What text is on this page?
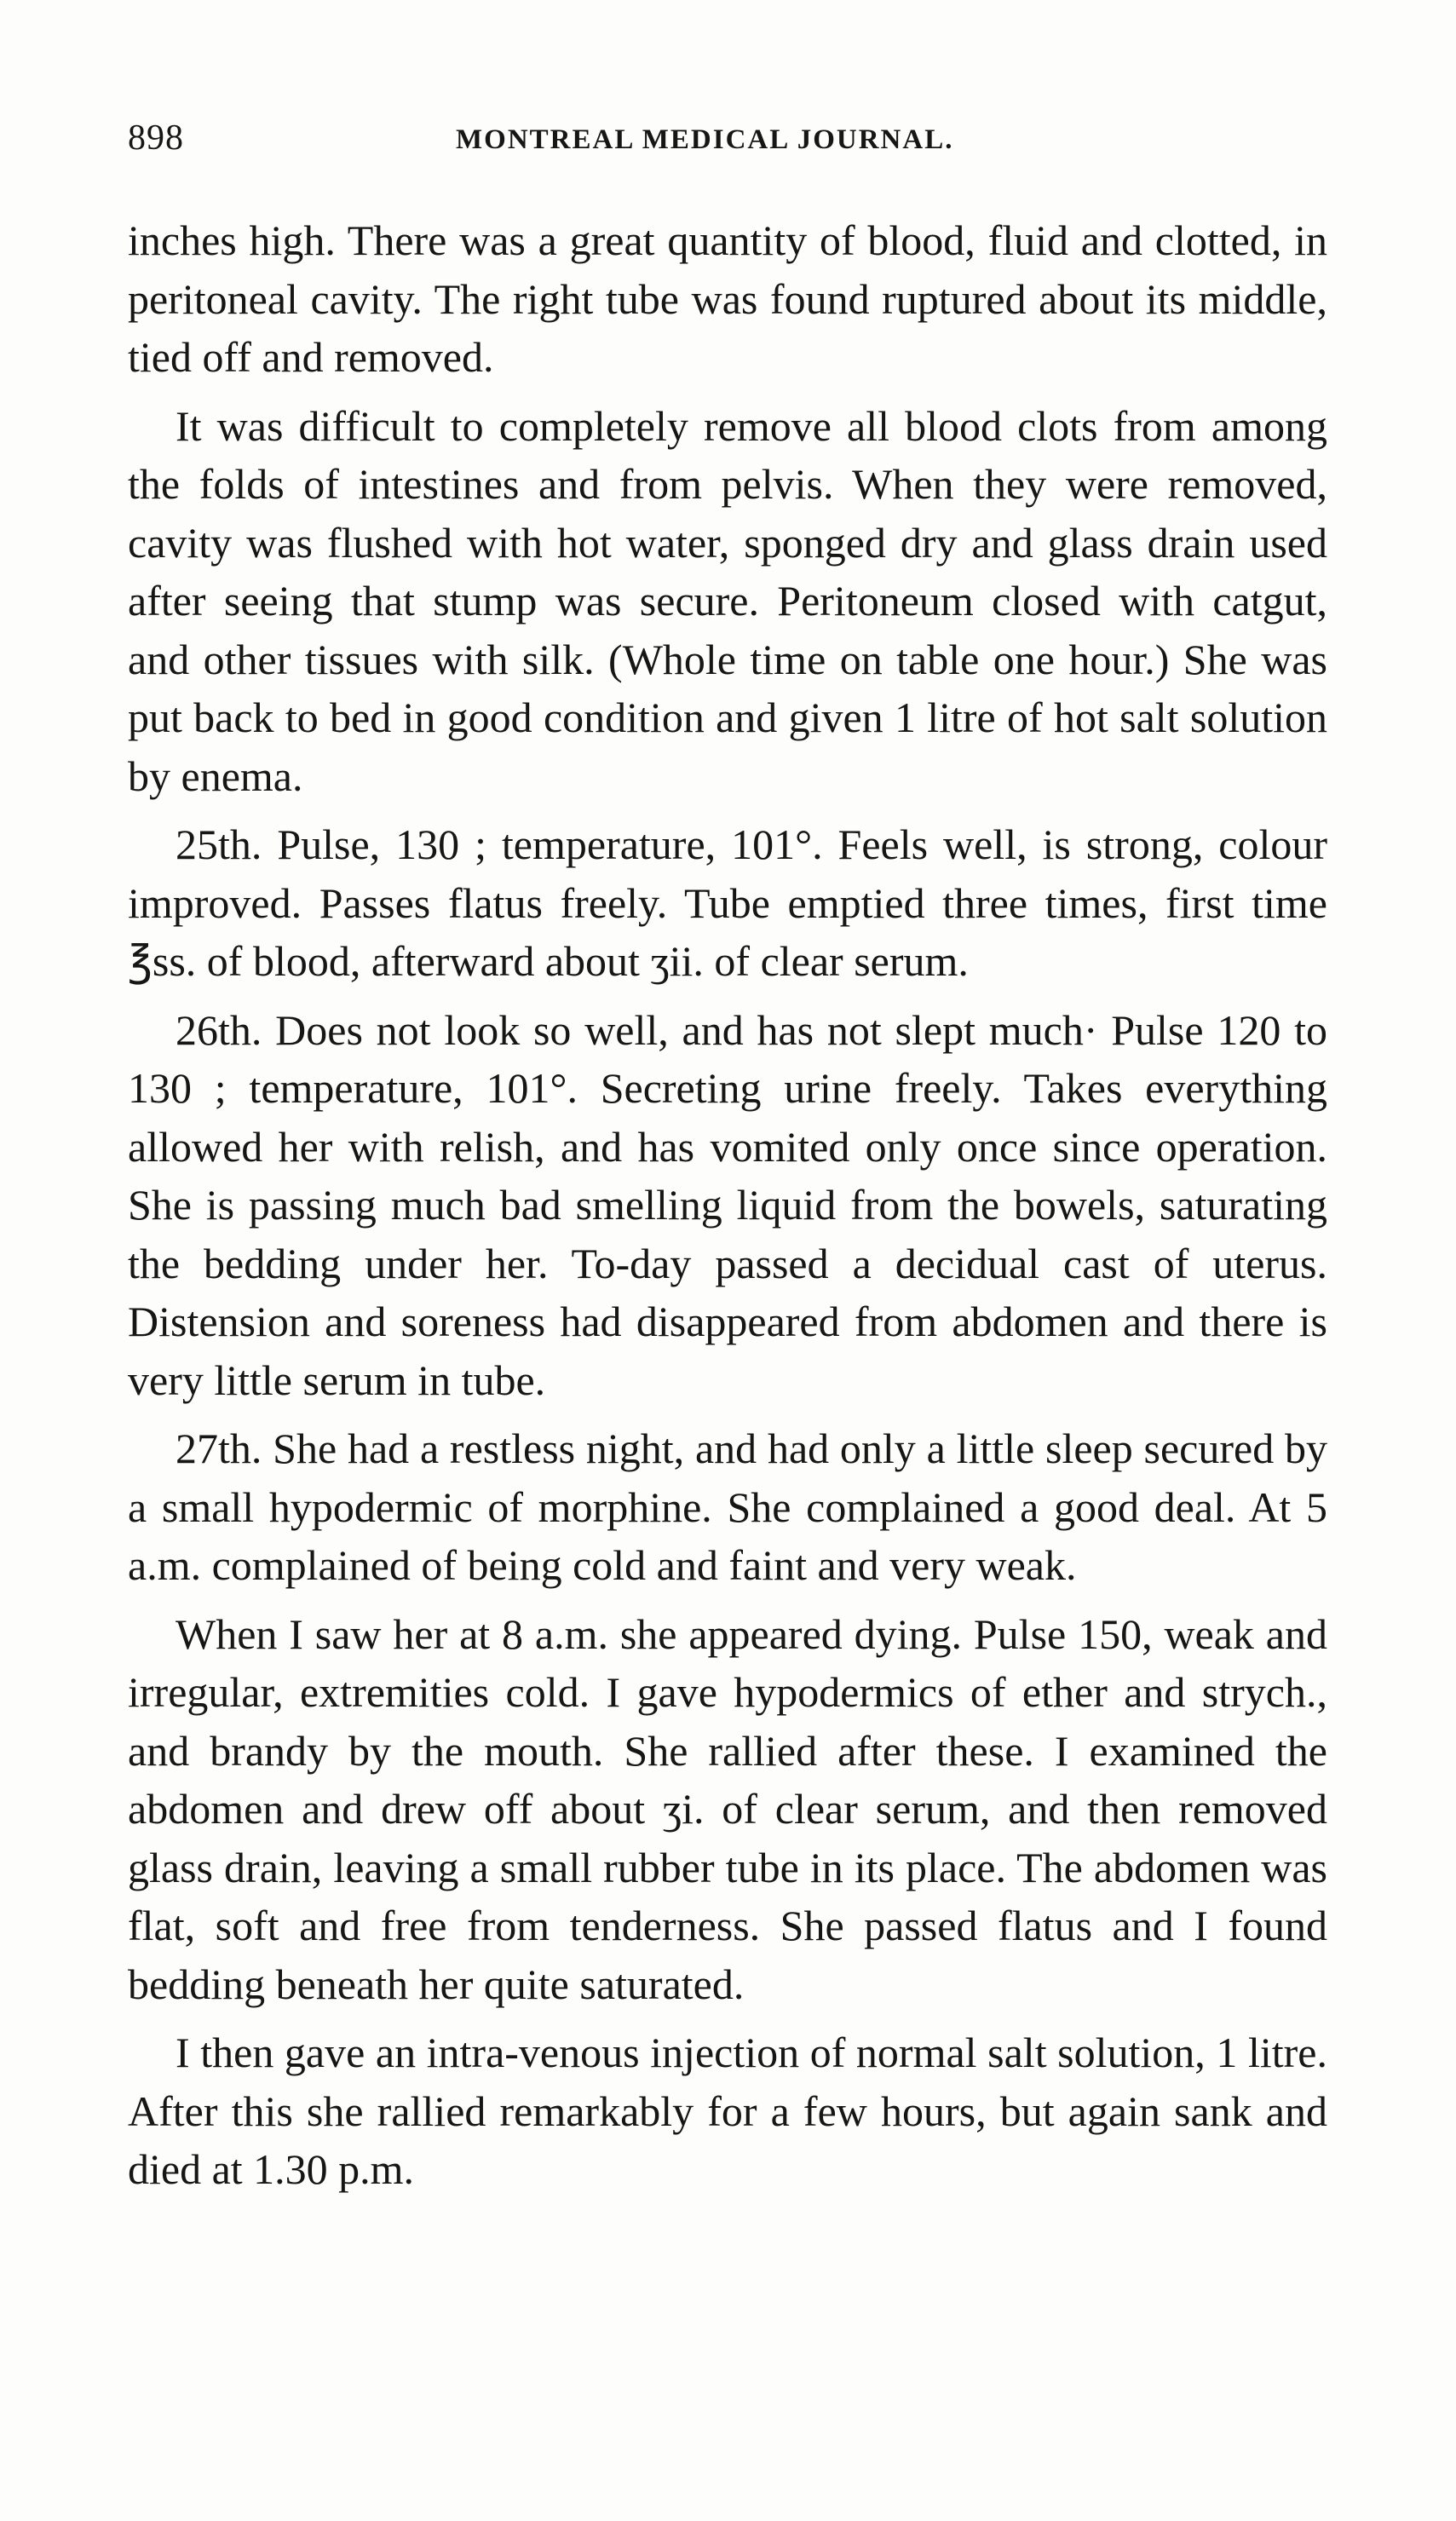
898	MONTREAL MEDICAL JOURNAL.

inches high. There was a great quantity of blood, fluid and clotted, in peritoneal cavity. The right tube was found ruptured about its middle, tied off and removed.

It was difficult to completely remove all blood clots from among the folds of intestines and from pelvis. When they were removed, cavity was flushed with hot water, sponged dry and glass drain used after seeing that stump was secure. Peritoneum closed with catgut, and other tissues with silk. (Whole time on table one hour.) She was put back to bed in good condition and given 1 litre of hot salt solution by enema.

25th. Pulse, 130 ; temperature, 101°. Feels well, is strong, colour improved. Passes flatus freely. Tube emptied three times, first time ℥ss. of blood, afterward about ʒii. of clear serum.

26th. Does not look so well, and has not slept much· Pulse 120 to 130 ; temperature, 101°. Secreting urine freely. Takes everything allowed her with relish, and has vomited only once since operation. She is passing much bad smelling liquid from the bowels, saturating the bedding under her. To-day passed a decidual cast of uterus. Distension and soreness had disappeared from abdomen and there is very little serum in tube.

27th. She had a restless night, and had only a little sleep secured by a small hypodermic of morphine. She complained a good deal. At 5 a.m. complained of being cold and faint and very weak.

When I saw her at 8 a.m. she appeared dying. Pulse 150, weak and irregular, extremities cold. I gave hypodermics of ether and strych., and brandy by the mouth. She rallied after these. I examined the abdomen and drew off about ʒi. of clear serum, and then removed glass drain, leaving a small rubber tube in its place. The abdomen was flat, soft and free from tenderness. She passed flatus and I found bedding beneath her quite saturated.

I then gave an intra-venous injection of normal salt solution, 1 litre. After this she rallied remarkably for a few hours, but again sank and died at 1.30 p.m.
